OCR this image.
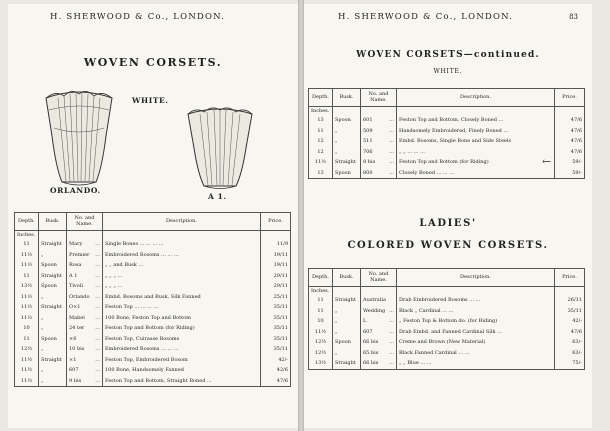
H. SHERWOOD & Co., LONDON.
WOVEN CORSETS.
WHITE.
ORLANDO.
A 1.
Depth.	Busk.	No. and Name.	Description.	Price.
Inches.				
11	Straight	Mary ...	Single Bones ... ... ... ...	11/9
11½	„	Premier ...	Embroidered Bosoms ... ... ...	19/11
11½	Spoon	Rosa ...	„ „ and Busk ...	19/11
11	Straight	A 1 ...	„ „ „ ...	29/11
13½	Spoon	Tivoli ...	„ „ „ ...	29/11
11½	„	Orlando ...	Embd. Bosoms and Busk, Silk Fanned	25/11
11½	Straight	O×1 ...	Feston Top ... ... ... ...	35/11
11½	„	Mabel ...	100 Bone, Feston Top and Bottom	35/11
10	„	24 ter ...	Feston Top and Bottom (for Riding)	35/11
11	Spoon	×6 ...	Feston Top, Cuirasse Bosoms	35/11
12½	„	10 bis ...	Embroidered Bosoms ... ... ...	35/11
11½	Straight	×1 ...	Feston Top, Embroidered Bosom	42/-
11½	„	607 ...	100 Bone, Handsomely Fanned	42/6
11½	„	9 bis ...	Feston Top and Bottom, Straight Boned ...	47/6
H. SHERWOOD & Co., LONDON.	83
WOVEN CORSETS—continued.
WHITE.
Depth.	Busk.	No. and Name.	Description.	Price.
Inches.				
13	Spoon	601 ...	Feston Top and Bottom, Closely Boned ...	47/6
11	„	509 ...	Handsomely Embroidered, Finely Boned ...	47/6
12	„	511 ...	Embd. Bosoms, Single Bone and Side Steels	47/6
12	„	706 ...	„ „ ... ... ...	47/6
11½	Straight	8 bis ...	Feston Top and Bottom (for Riding)	59/-
13	Spoon	800 ...	Closely Boned ... ... ...	59/-
LADIES'
COLORED WOVEN CORSETS.
Depth.	Busk.	No. and Name.	Description.	Price.
Inches.				
11	Straight	Australia	Drab Embroidered Bosoms ... ...	26/11
11	„	Wedding ...	Black „ Cardinal ... ...	35/11
10	„	L ...	„ Feston Top & Bottom do. (for Riding)	42/-
11½	„	607 ...	Drab Embd. and Fanned Cardinal Silk ...	47/6
12½	Spoon	66 bis ...	Creme and Brown (New Material)	63/-
12½	„	65 bis ...	Black Fanned Cardinal ... ...	63/-
13½	Straight	66 bis ...	„ „ Blue ... ...	75/-
←
